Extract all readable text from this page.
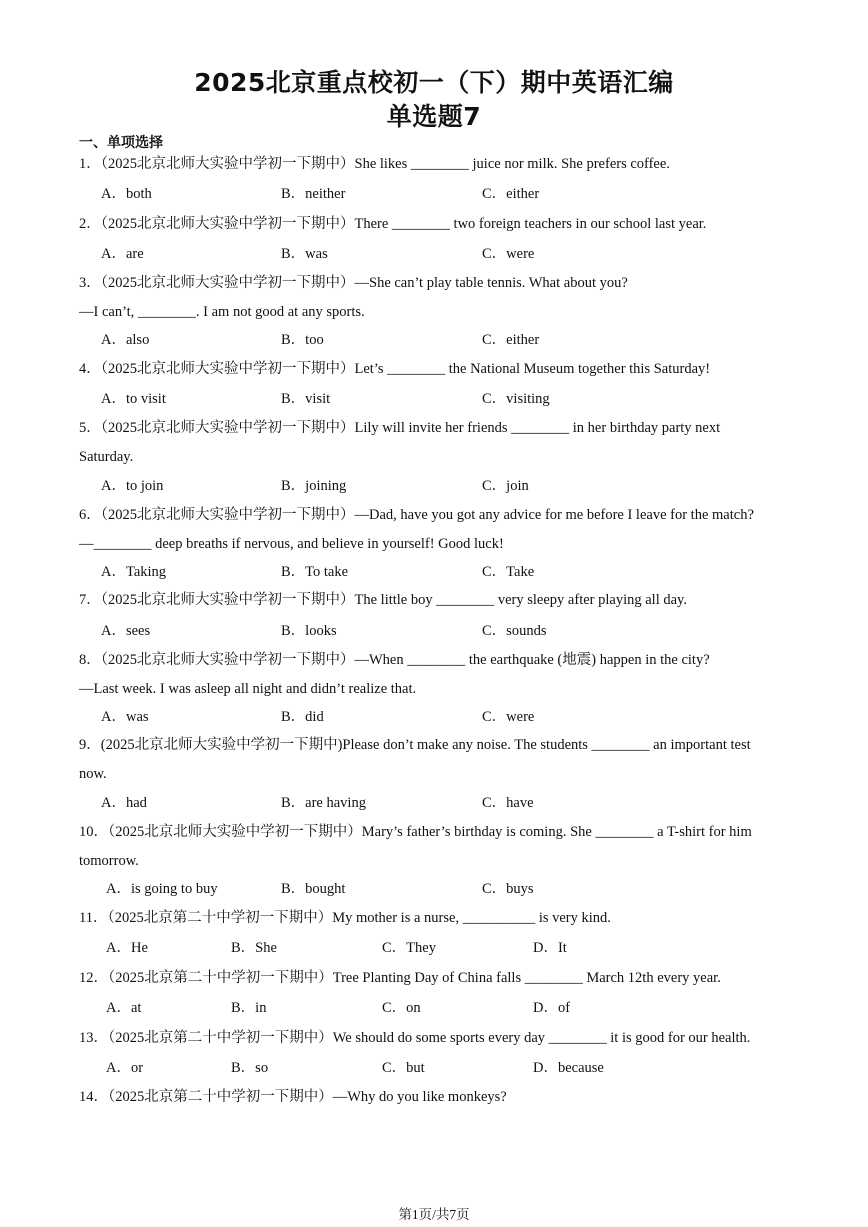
2025北京重点校初一（下）期中英语汇编
单选题7
一、单项选择
1．（2025北京北师大实验中学初一下期中）She likes ________ juice nor milk. She prefers coffee.
A．both	B．neither	C．either
2．（2025北京北师大实验中学初一下期中）There ________ two foreign teachers in our school last year.
A．are	B．was	C．were
3．（2025北京北师大实验中学初一下期中）—She can’t play table tennis. What about you?
—I can’t, ________. I am not good at any sports.
A．also	B．too	C．either
4．（2025北京北师大实验中学初一下期中）Let’s ________ the National Museum together this Saturday!
A．to visit	B．visit	C．visiting
5．（2025北京北师大实验中学初一下期中）Lily will invite her friends ________ in her birthday party next
Saturday.
A．to join	B．joining	C．join
6．（2025北京北师大实验中学初一下期中）—Dad, have you got any advice for me before I leave for the match?
—________ deep breaths if nervous, and believe in yourself! Good luck!
A．Taking	B．To take	C．Take
7．（2025北京北师大实验中学初一下期中）The little boy ________ very sleepy after playing all day.
A．sees	B．looks	C．sounds
8．（2025北京北师大实验中学初一下期中）—When ________ the earthquake (地震) happen in the city?
—Last week. I was asleep all night and didn’t realize that.
A．was	B．did	C．were
9．(2025北京北师大实验中学初一下期中)Please don’t make any noise. The students ________ an important test
now.
A．had	B．are having	C．have
10．（2025北京北师大实验中学初一下期中）Mary’s father’s birthday is coming. She ________ a T-shirt for him
tomorrow.
A．is going to buy	B．bought	C．buys
11．（2025北京第二十中学初一下期中）My mother is a nurse, __________ is very kind.
A．He	B．She	C．They	D．It
12．（2025北京第二十中学初一下期中）Tree Planting Day of China falls ________ March 12th every year.
A．at	B．in	C．on	D．of
13．（2025北京第二十中学初一下期中）We should do some sports every day ________ it is good for our health.
A．or	B．so	C．but	D．because
14．（2025北京第二十中学初一下期中）—Why do you like monkeys?
第1页/共7页
